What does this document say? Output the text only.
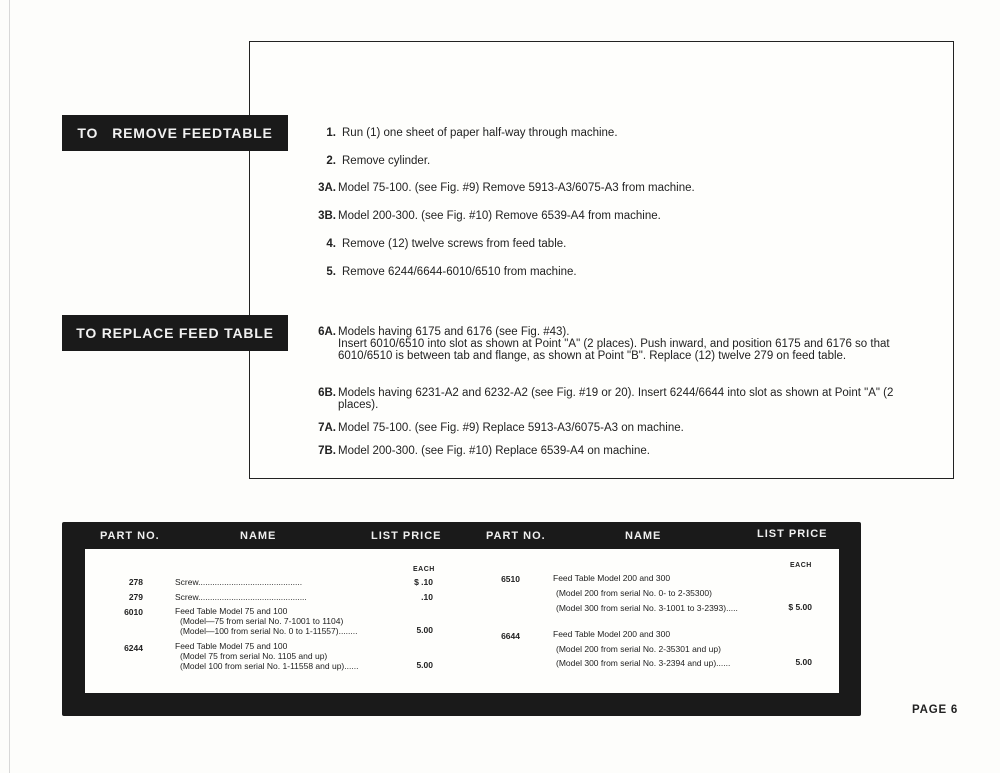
TO   REMOVE FEEDTABLE
TO REPLACE FEED TABLE
1. Run (1) one sheet of paper half-way through machine.
2. Remove cylinder.
3A. Model 75-100. (see Fig. #9) Remove 5913-A3/6075-A3 from machine.
3B. Model 200-300. (see Fig. #10) Remove 6539-A4 from machine.
4. Remove (12) twelve screws from feed table.
5. Remove 6244/6644-6010/6510 from machine.
6A. Models having 6175 and 6176 (see Fig. #43).
Insert 6010/6510 into slot as shown at Point "A" (2 places). Push inward, and position 6175 and 6176 so that 6010/6510 is between tab and flange, as shown at Point "B". Replace (12) twelve 279 on feed table.
6B. Models having 6231-A2 and 6232-A2 (see Fig. #19 or 20). Insert 6244/6644 into slot as shown at Point "A" (2 places).
7A. Model 75-100. (see Fig. #9) Replace 5913-A3/6075-A3 on machine.
7B. Model 200-300. (see Fig. #10) Replace 6539-A4 on machine.
PART NO.	NAME	LIST PRICE	PART NO.	NAME	LIST PRICE
EACH
EACH
278	Screw............................................	$ .10
279	Screw..............................................	.10
6010	Feed Table Model 75 and 100
(Model—75 from serial No. 7-1001 to 1104)
(Model—100 from serial No. 0 to 1-11557)........	5.00
6244	Feed Table Model 75 and 100
(Model 75 from serial No. 1105 and up)
(Model 100 from serial No. 1-11558 and up)......	5.00
6510	Feed Table Model 200 and 300
(Model 200 from serial No. 0- to 2-35300)
(Model 300 from serial No. 3-1001 to 3-2393).....	$ 5.00
6644	Feed Table Model 200 and 300
(Model 200 from serial No. 2-35301 and up)
(Model 300 from serial No. 3-2394 and up)......	5.00
PAGE 6
